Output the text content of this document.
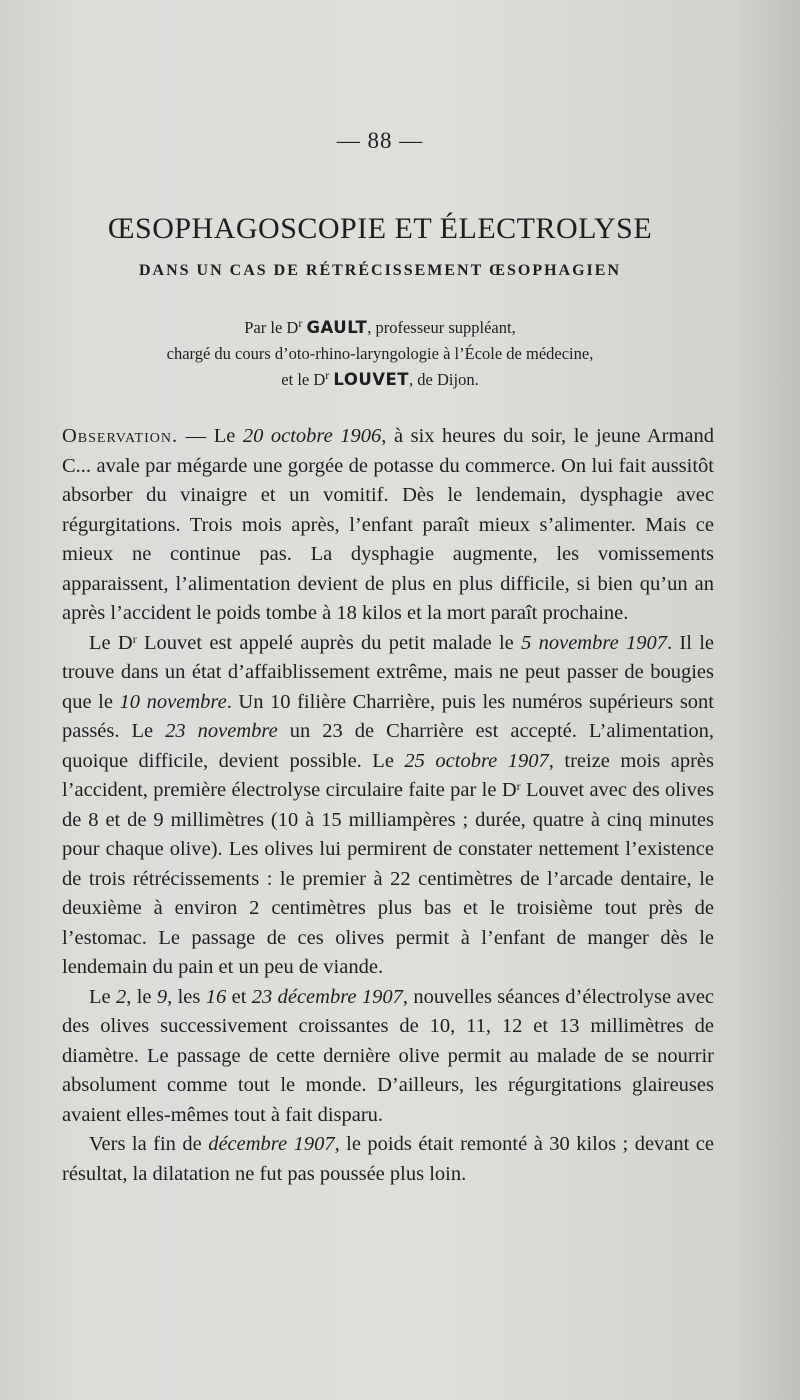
— 88 —
ŒSOPHAGOSCOPIE ET ÉLECTROLYSE
DANS UN CAS DE RÉTRÉCISSEMENT ŒSOPHAGIEN
Par le $D^r$ GAULT, professeur suppléant,
chargé du cours d’oto-rhino-laryngologie à l’École de médecine,
et le $D^r$ LOUVET, de Dijon.

Observation. — Le 20 octobre 1906, à six heures du soir, le jeune Armand C... avale par mégarde une gorgée de potasse du commerce. On lui fait aussitôt absorber du vinaigre et un vomitif. Dès le lendemain, dysphagie avec régurgitations. Trois mois après, l’enfant paraît mieux s’alimenter. Mais ce mieux ne continue pas. La dysphagie augmente, les vomissements apparaissent, l’alimentation devient de plus en plus difficile, si bien qu’un an après l’accident le poids tombe à 18 kilos et la mort paraît prochaine.

Le $D^r$ Louvet est appelé auprès du petit malade le 5 novembre 1907. Il le trouve dans un état d’affaiblissement extrême, mais ne peut passer de bougies que le 10 novembre. Un 10 filière Charrière, puis les numéros supérieurs sont passés. Le 23 novembre un 23 de Charrière est accepté. L’alimentation, quoique difficile, devient possible. Le 25 octobre 1907, treize mois après l’accident, première électrolyse circulaire faite par le $D^r$ Louvet avec des olives de 8 et de 9 millimètres (10 à 15 milliampères ; durée, quatre à cinq minutes pour chaque olive). Les olives lui permirent de constater nettement l’existence de trois rétrécissements : le premier à 22 centimètres de l’arcade dentaire, le deuxième à environ 2 centimètres plus bas et le troisième tout près de l’estomac. Le passage de ces olives permit à l’enfant de manger dès le lendemain du pain et un peu de viande.

Le 2, le 9, les 16 et 23 décembre 1907, nouvelles séances d’électrolyse avec des olives successivement croissantes de 10, 11, 12 et 13 millimètres de diamètre. Le passage de cette dernière olive permit au malade de se nourrir absolument comme tout le monde. D’ailleurs, les régurgitations glaireuses avaient elles-mêmes tout à fait disparu.

Vers la fin de décembre 1907, le poids était remonté à 30 kilos ; devant ce résultat, la dilatation ne fut pas poussée plus loin.
